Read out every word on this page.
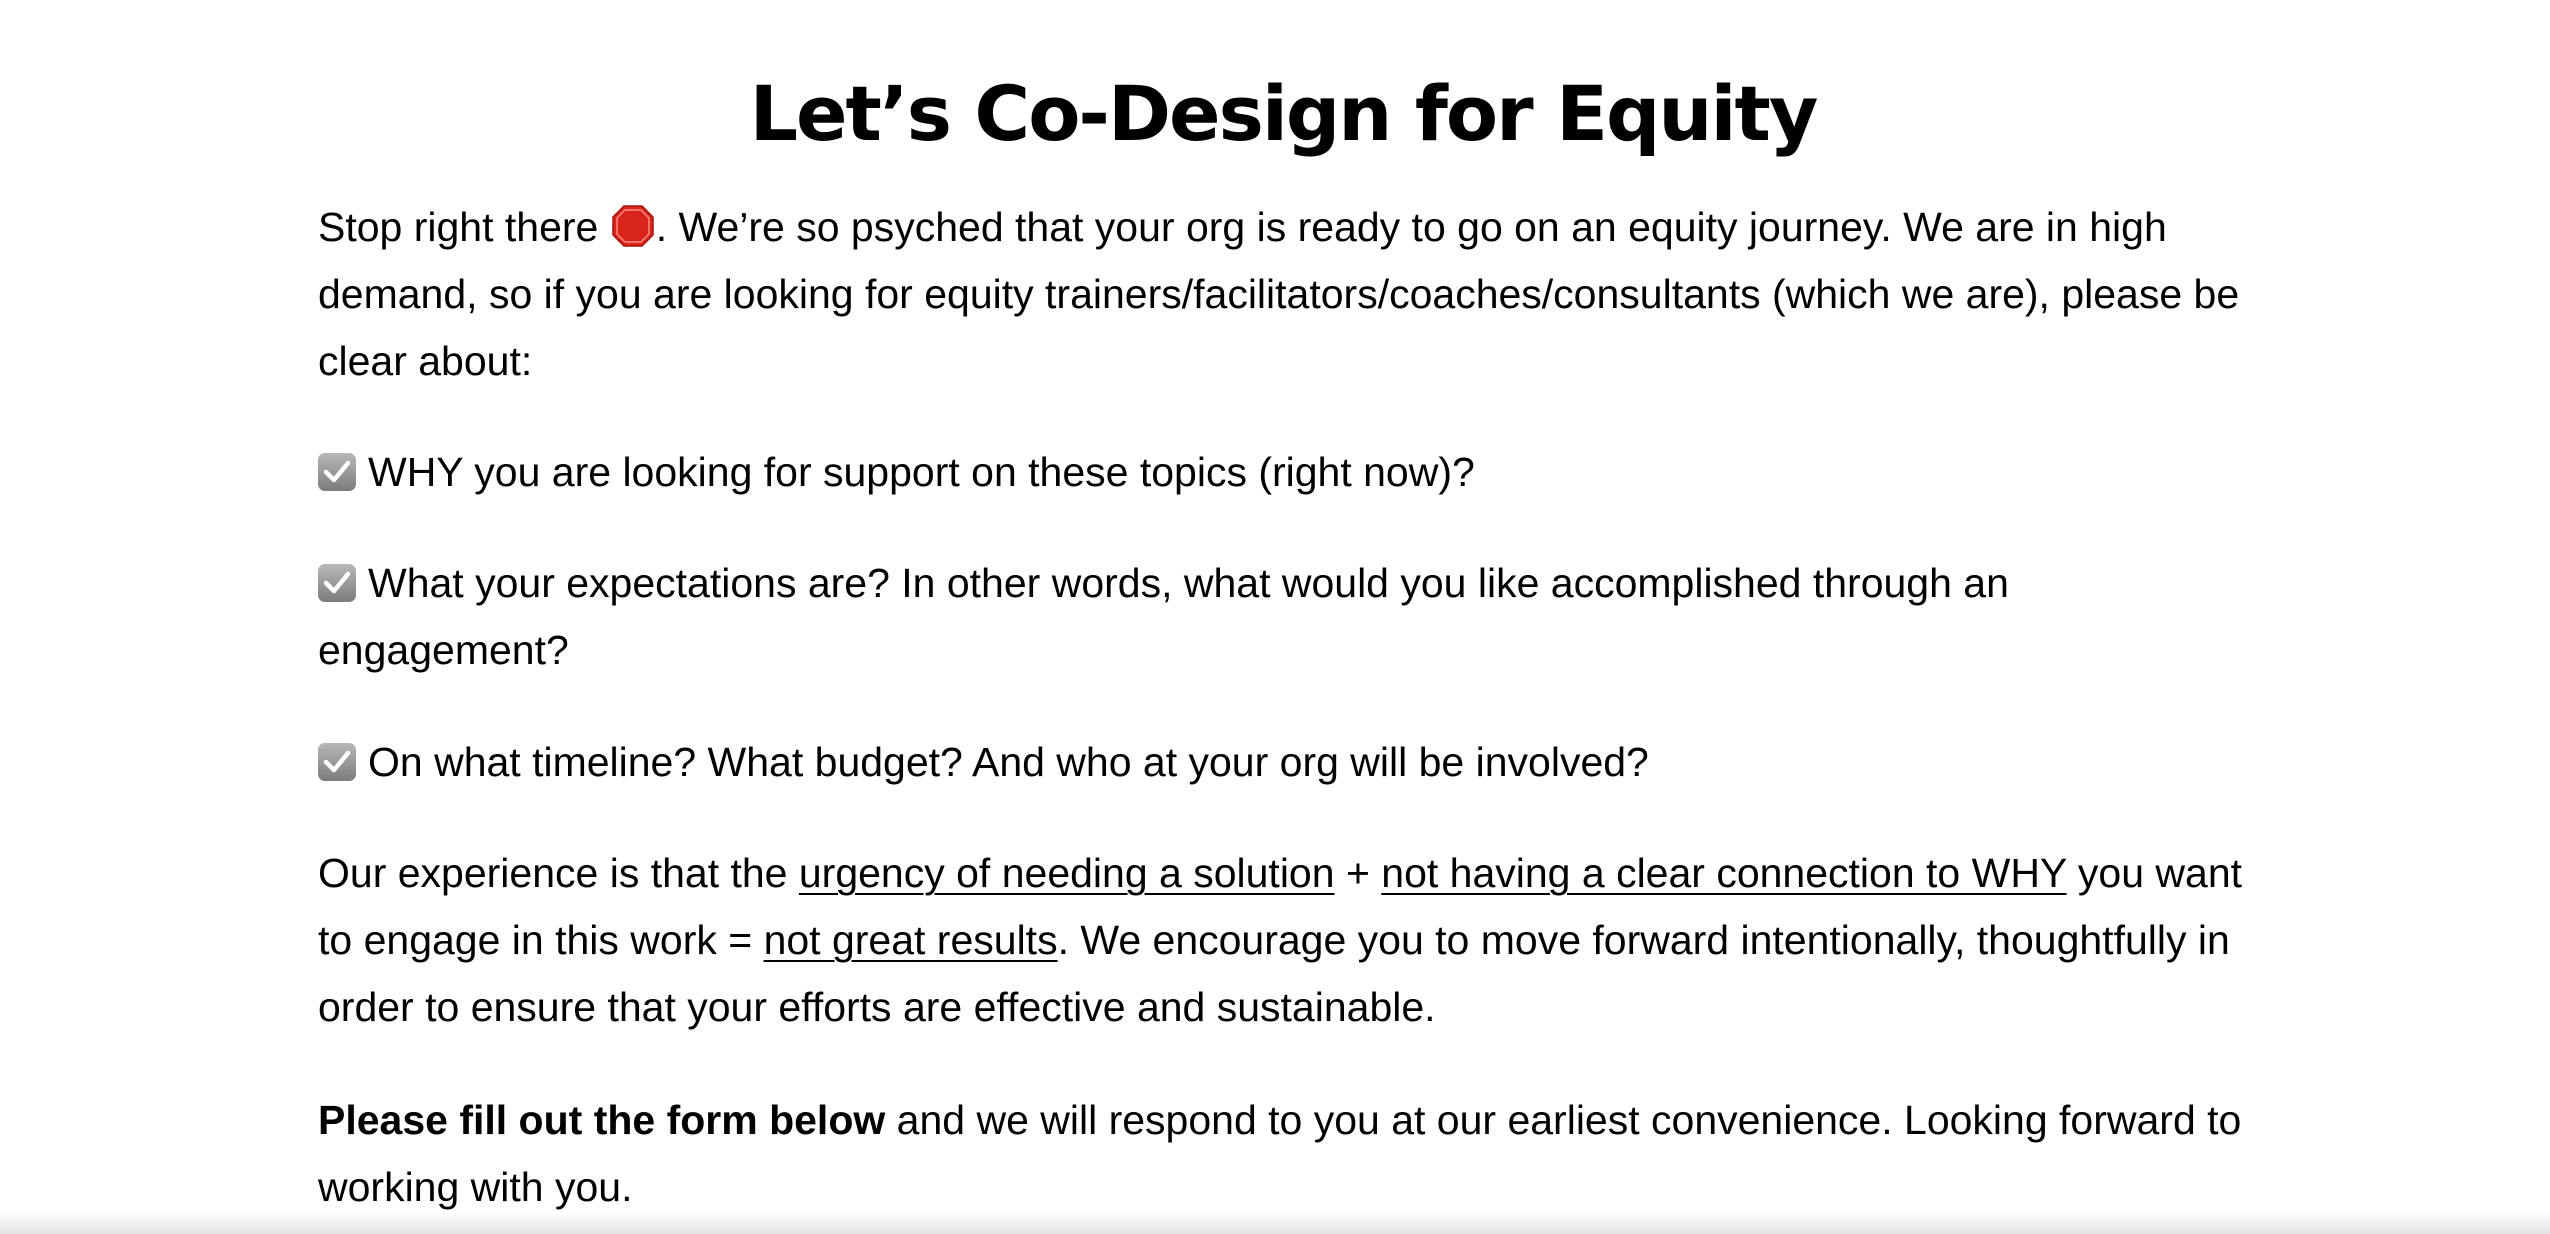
Let’s Co-Design for Equity

Stop right there . We’re so psyched that your org is ready to go on an equity journey. We are in high demand, so if you are looking for equity trainers/facilitators/coaches/consultants (which we are), please be clear about:

WHY you are looking for support on these topics (right now)?

What your expectations are? In other words, what would you like accomplished through an engagement?

On what timeline? What budget? And who at your org will be involved?

Our experience is that the urgency of needing a solution + not having a clear connection to WHY you want to engage in this work = not great results. We encourage you to move forward intentionally, thoughtfully in order to ensure that your efforts are effective and sustainable.

Please fill out the form below and we will respond to you at our earliest convenience. Looking forward to working with you.
